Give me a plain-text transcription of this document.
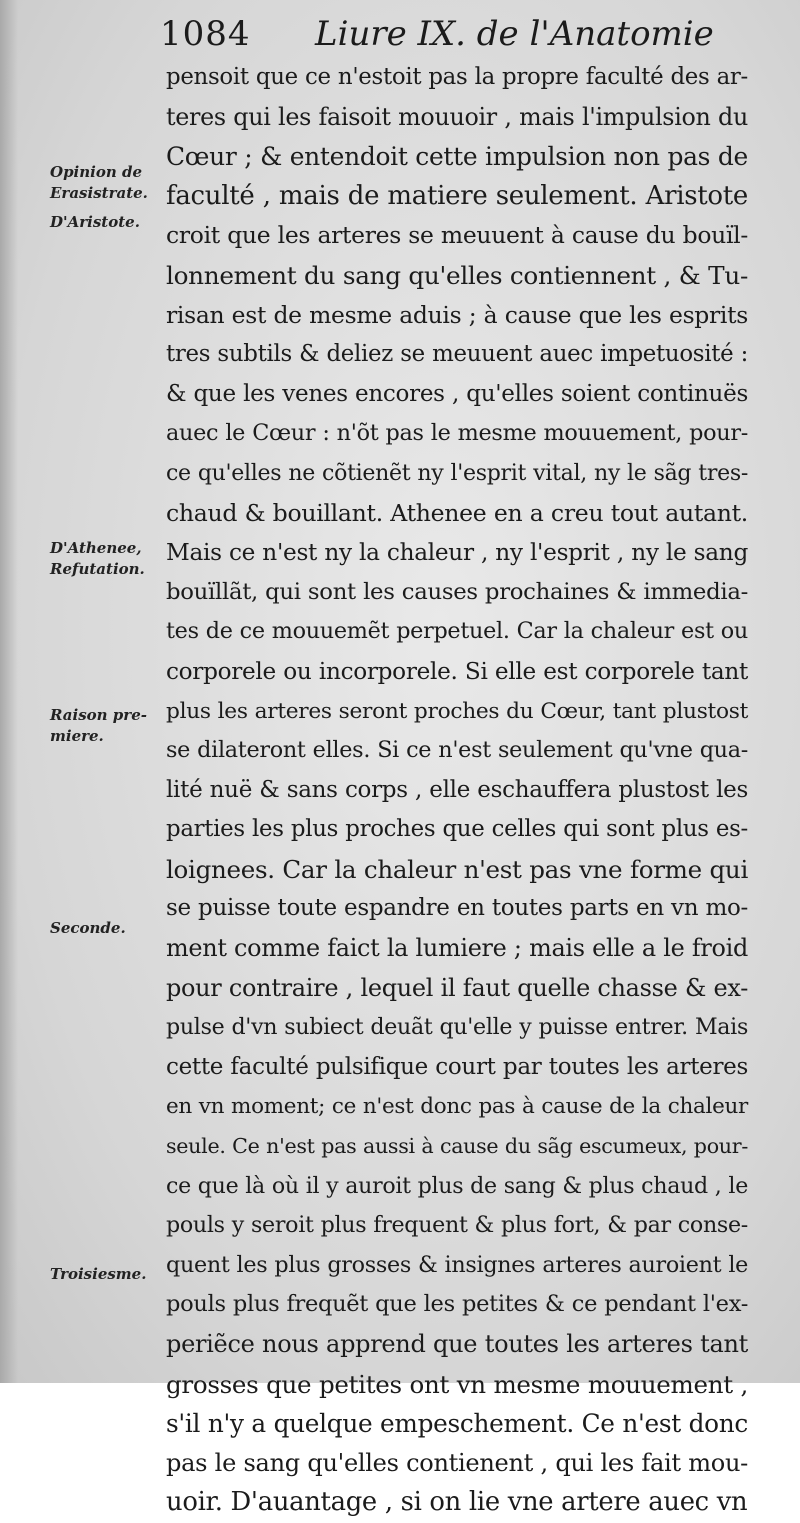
1084 Liure IX. de l'Anatomie
Opinion de
Erasistrate.
D'Aristote.
D'Athenee,
Refutation.
Raison pre-
miere.
Seconde.
Troisiesme.
pensoit que ce n'estoit pas la propre faculté des ar-
teres qui les faisoit mouuoir , mais l'impulsion du
Cœur ; & entendoit cette impulsion non pas de
faculté , mais de matiere seulement. Aristote
croit que les arteres se meuuent à cause du bouïl-
lonnement du sang qu'elles contiennent , & Tu-
risan est de mesme aduis ; à cause que les esprits
tres subtils & deliez se meuuent auec impetuosité :
& que les venes encores , qu'elles soient continuës
auec le Cœur : n'õt pas le mesme mouuement, pour-
ce qu'elles ne cõtienẽt ny l'esprit vital, ny le sãg tres-
chaud & bouillant. Athenee en a creu tout autant.
Mais ce n'est ny la chaleur , ny l'esprit , ny le sang
bouïllãt, qui sont les causes prochaines & immedia-
tes de ce mouuemẽt perpetuel. Car la chaleur est ou
corporele ou incorporele. Si elle est corporele tant
plus les arteres seront proches du Cœur, tant plustost
se dilateront elles. Si ce n'est seulement qu'vne qua-
lité nuë & sans corps , elle eschauffera plustost les
parties les plus proches que celles qui sont plus es-
loignees. Car la chaleur n'est pas vne forme qui
se puisse toute espandre en toutes parts en vn mo-
ment comme faict la lumiere ; mais elle a le froid
pour contraire , lequel il faut quelle chasse & ex-
pulse d'vn subiect deuãt qu'elle y puisse entrer. Mais
cette faculté pulsifique court par toutes les arteres
en vn moment; ce n'est donc pas à cause de la chaleur
seule. Ce n'est pas aussi à cause du sãg escumeux, pour-
ce que là où il y auroit plus de sang & plus chaud , le
pouls y seroit plus frequent & plus fort, & par conse-
quent les plus grosses & insignes arteres auroient le
pouls plus frequẽt que les petites & ce pendant l'ex-
periẽce nous apprend que toutes les arteres tant
grosses que petites ont vn mesme mouuement ,
s'il n'y a quelque empeschement. Ce n'est donc
pas le sang qu'elles contienent , qui les fait mou-
uoir. D'auantage , si on lie vne artere auec vn
